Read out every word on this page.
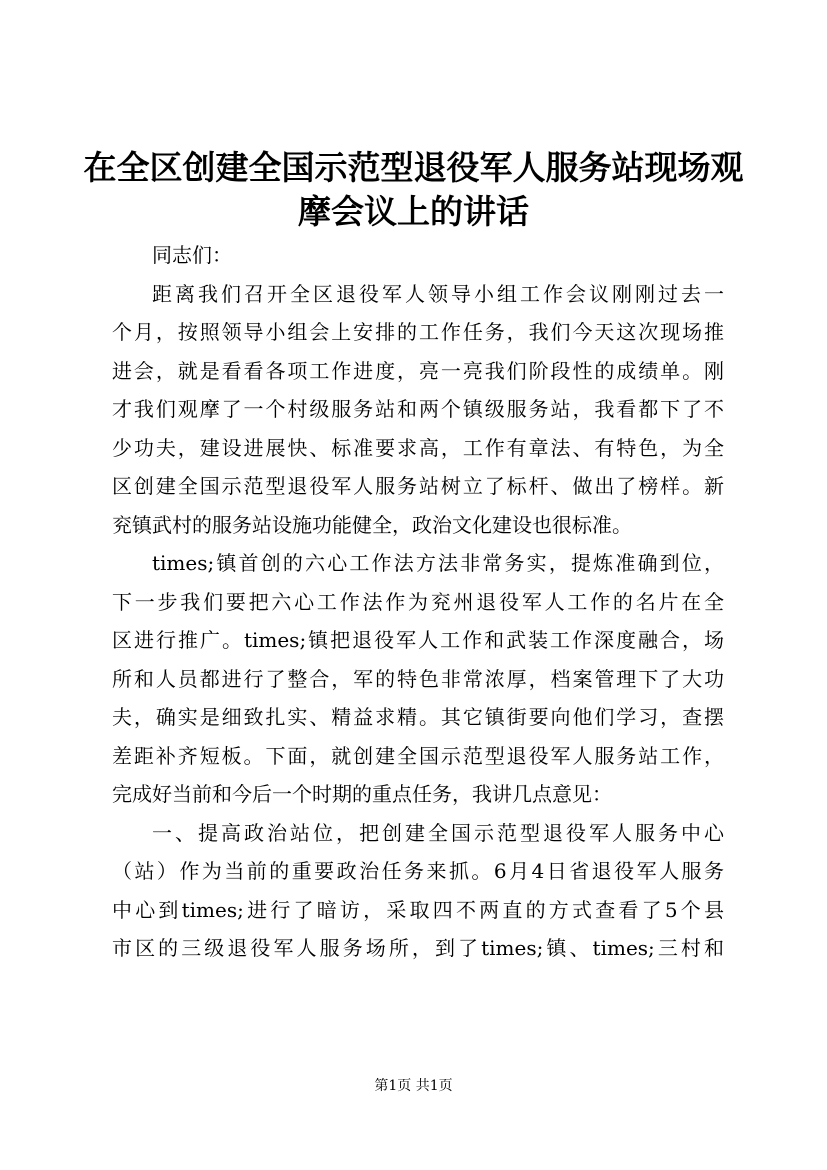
在全区创建全国示范型退役军人服务站现场观
摩会议上的讲话
同志们：
距离我们召开全区退役军人领导小组工作会议刚刚过去一
个月，按照领导小组会上安排的工作任务，我们今天这次现场推
进会，就是看看各项工作进度，亮一亮我们阶段性的成绩单。刚
才我们观摩了一个村级服务站和两个镇级服务站，我看都下了不
少功夫，建设进展快、标准要求高，工作有章法、有特色，为全
区创建全国示范型退役军人服务站树立了标杆、做出了榜样。新
兖镇武村的服务站设施功能健全，政治文化建设也很标准。
times;镇首创的六心工作法方法非常务实，提炼准确到位，
下一步我们要把六心工作法作为兖州退役军人工作的名片在全
区进行推广。times;镇把退役军人工作和武装工作深度融合，场
所和人员都进行了整合，军的特色非常浓厚，档案管理下了大功
夫，确实是细致扎实、精益求精。其它镇街要向他们学习，查摆
差距补齐短板。下面，就创建全国示范型退役军人服务站工作，
完成好当前和今后一个时期的重点任务，我讲几点意见：
一、提高政治站位，把创建全国示范型退役军人服务中心
（站）作为当前的重要政治任务来抓。6月4日省退役军人服务
中心到times;进行了暗访，采取四不两直的方式查看了5个县
市区的三级退役军人服务场所，到了times;镇、times;三村和
第1页 共1页
